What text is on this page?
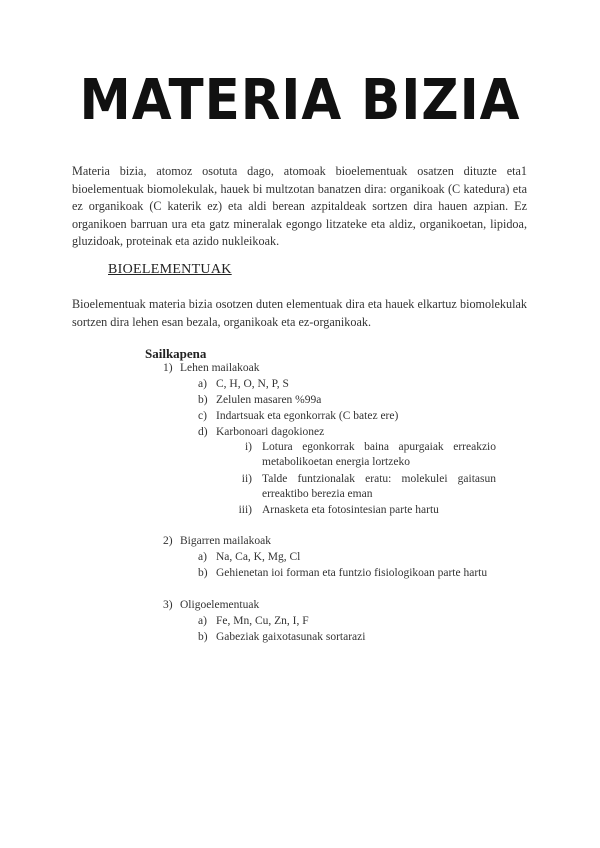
MATERIA BIZIA
Materia bizia, atomoz osotuta dago, atomoak bioelementuak osatzen dituzte eta1 bioelementuak biomolekulak, hauek bi multzotan banatzen dira: organikoak (C katedura) eta ez organikoak (C katerik ez) eta aldi berean azpitaldeak sortzen dira hauen azpian. Ez organikoen barruan ura eta gatz mineralak egongo litzateke eta aldiz, organikoetan, lipidoa, gluzidoak, proteinak eta azido nukleikoak.
BIOELEMENTUAK
Bioelementuak materia bizia osotzen duten elementuak dira eta hauek elkartuz biomolekulak sortzen dira lehen esan bezala, organikoak eta ez-organikoak.
Sailkapena
1) Lehen mailakoak
a) C, H, O, N, P, S
b) Zelulen masaren %99a
c) Indartsuak eta egonkorrak (C batez ere)
d) Karbonoari dagokionez
i) Lotura egonkorrak baina apurgaiak erreakzio metabolikoetan energia lortzeko
ii) Talde funtzionalak eratu: molekulei gaitasun erreaktibo berezia eman
iii) Arnasketa eta fotosintesian parte hartu
2) Bigarren mailakoak
a) Na, Ca, K, Mg, Cl
b) Gehienetan ioi forman eta funtzio fisiologikoan parte hartu
3) Oligoelementuak
a) Fe, Mn, Cu, Zn, I, F
b) Gabeziak gaixotasunak sortarazi
